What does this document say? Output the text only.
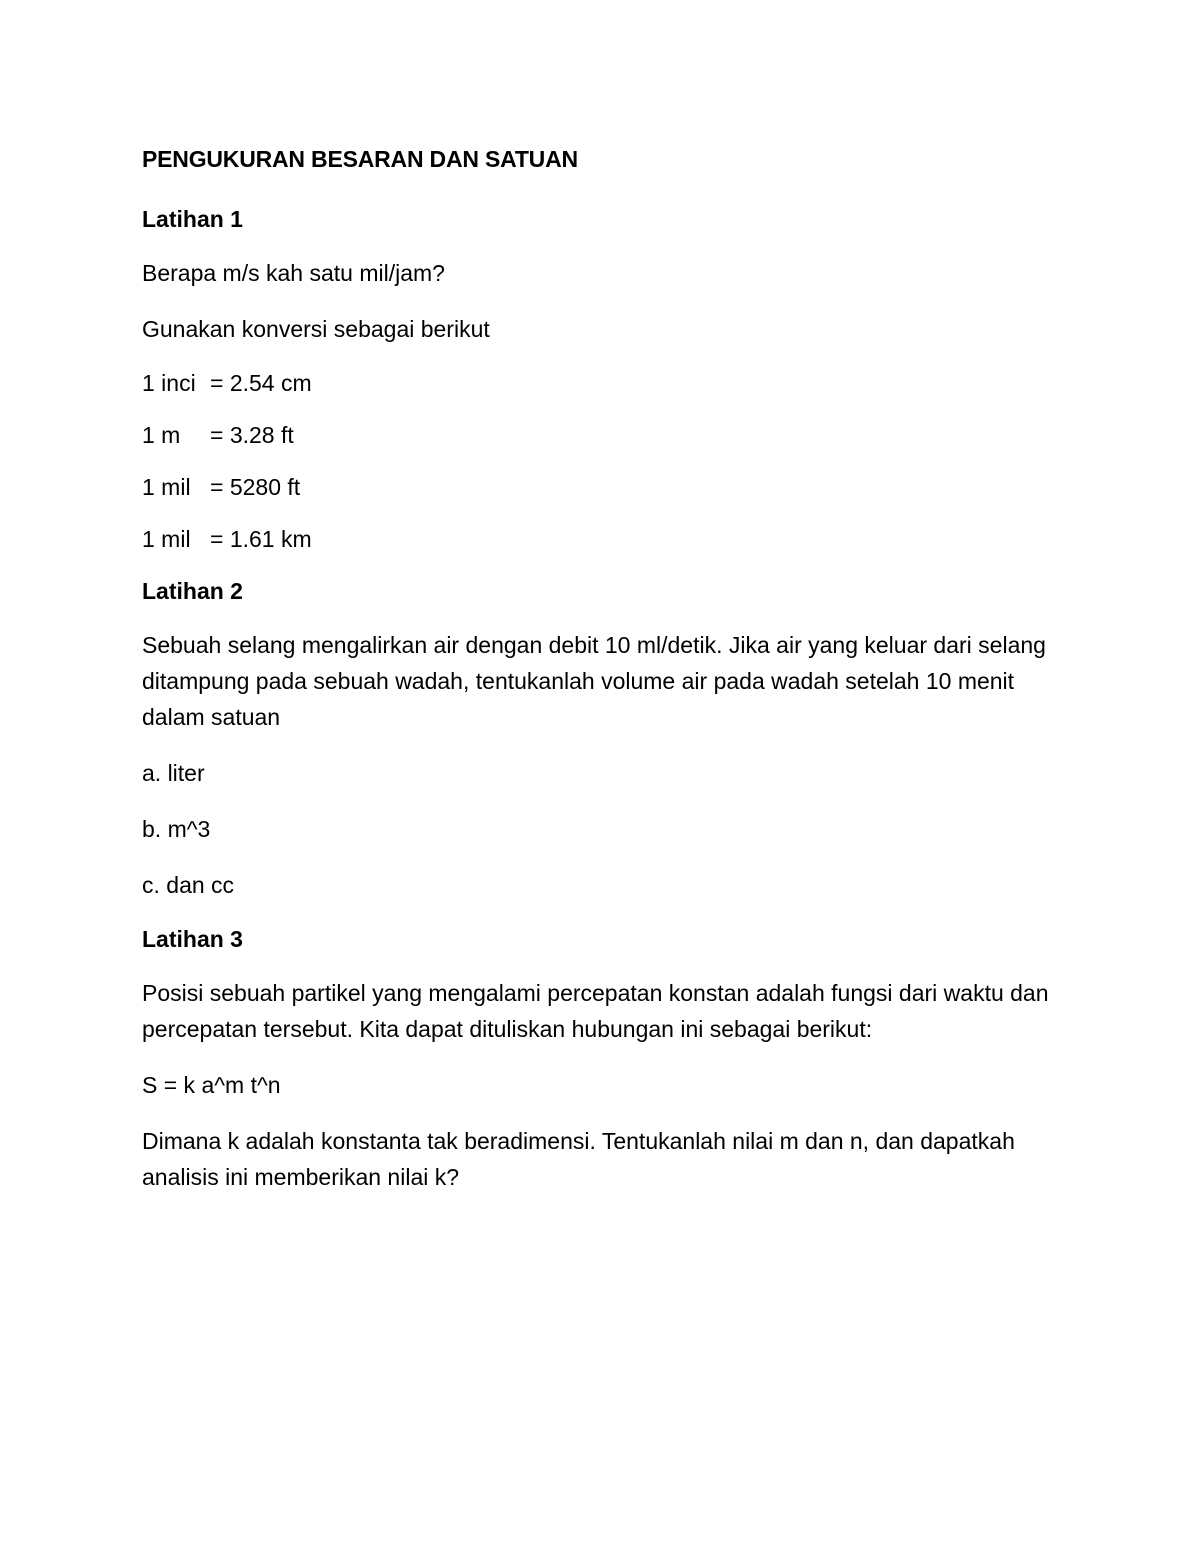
PENGUKURAN BESARAN DAN SATUAN
Latihan 1
Berapa m/s kah satu mil/jam?
Gunakan konversi sebagai berikut
1 inci = 2.54 cm
1 m	= 3.28 ft
1 mil = 5280 ft
1 mil = 1.61 km
Latihan 2
Sebuah selang mengalirkan air dengan debit 10 ml/detik. Jika air yang keluar dari selang ditampung pada sebuah wadah, tentukanlah volume air pada wadah setelah 10 menit dalam satuan
a. liter
b. m^3
c. dan cc
Latihan 3
Posisi sebuah partikel yang mengalami percepatan konstan adalah fungsi dari waktu dan percepatan tersebut. Kita dapat dituliskan hubungan ini sebagai berikut:
S = k a^m t^n
Dimana k adalah konstanta tak beradimensi. Tentukanlah nilai m dan n, dan dapatkah analisis ini memberikan nilai k?
